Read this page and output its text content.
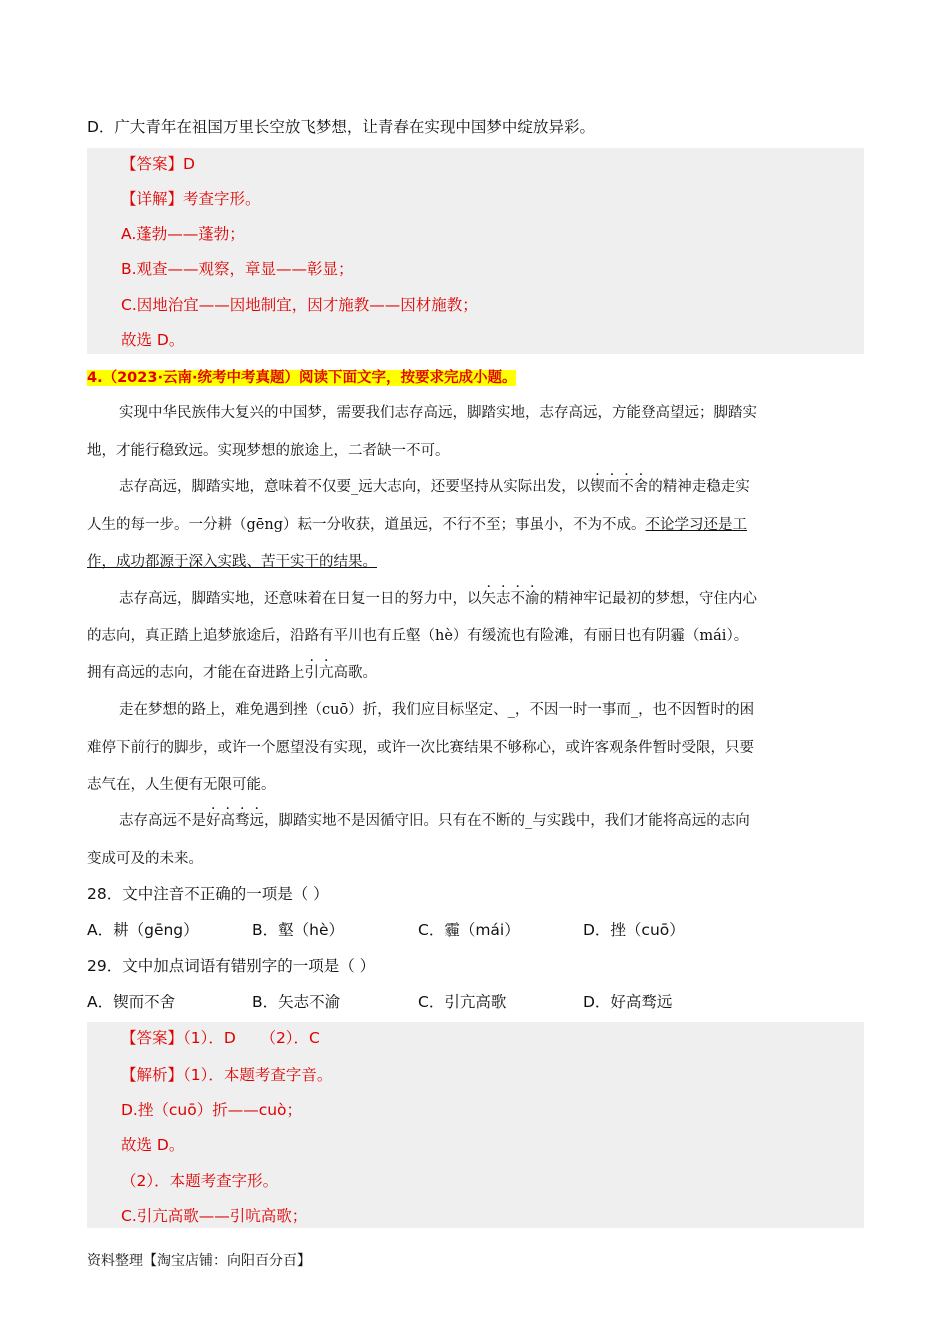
D．广大青年在祖国万里长空放飞梦想，让青春在实现中国梦中绽放异彩。
【答案】D
【详解】考查字形。
A.蓬勃——蓬勃；
B.观查——观察，章显——彰显；
C.因地治宜——因地制宜，因才施教——因材施教；
故选 D。
4.（2023·云南·统考中考真题）阅读下面文字，按要求完成小题。
实现中华民族伟大复兴的中国梦，需要我们志存高远，脚踏实地，志存高远，方能登高望远；脚踏实
地，才能行稳致远。实现梦想的旅途上，二者缺一不可。
志存高远，脚踏实地，意味着不仅要_远大志向，还要坚持从实际出发，以锲而不舍的精神走稳走实
人生的每一步。一分耕（gēng）耘一分收获，道虽远，不行不至；事虽小，不为不成。不论学习还是工
作，成功都源于深入实践、苦干实干的结果。
志存高远，脚踏实地，还意味着在日复一日的努力中，以矢志不渝的精神牢记最初的梦想，守住内心
的志向，真正踏上追梦旅途后，沿路有平川也有丘壑（hè）有缓流也有险滩，有丽日也有阴霾（mái）。
拥有高远的志向，才能在奋进路上引亢高歌。
走在梦想的路上，难免遇到挫（cuō）折，我们应目标坚定、_，不因一时一事而_，也不因暂时的困
难停下前行的脚步，或许一个愿望没有实现，或许一次比赛结果不够称心，或许客观条件暂时受限，只要
志气在，人生便有无限可能。
志存高远不是好高骛远，脚踏实地不是因循守旧。只有在不断的_与实践中，我们才能将高远的志向
变成可及的未来。
28．文中注音不正确的一项是（ ）
A．耕（gēng）	B．壑（hè）	C．霾（mái）	D．挫（cuō）
29．文中加点词语有错别字的一项是（ ）
A．锲而不舍	B．矢志不渝	C．引亢高歌	D．好高骛远
【答案】（1）．D     （2）．C
【解析】（1）．本题考查字音。
D.挫（cuō）折——cuò；
故选 D。
（2）．本题考查字形。
C.引亢高歌——引吭高歌；
资料整理【淘宝店铺：向阳百分百】
